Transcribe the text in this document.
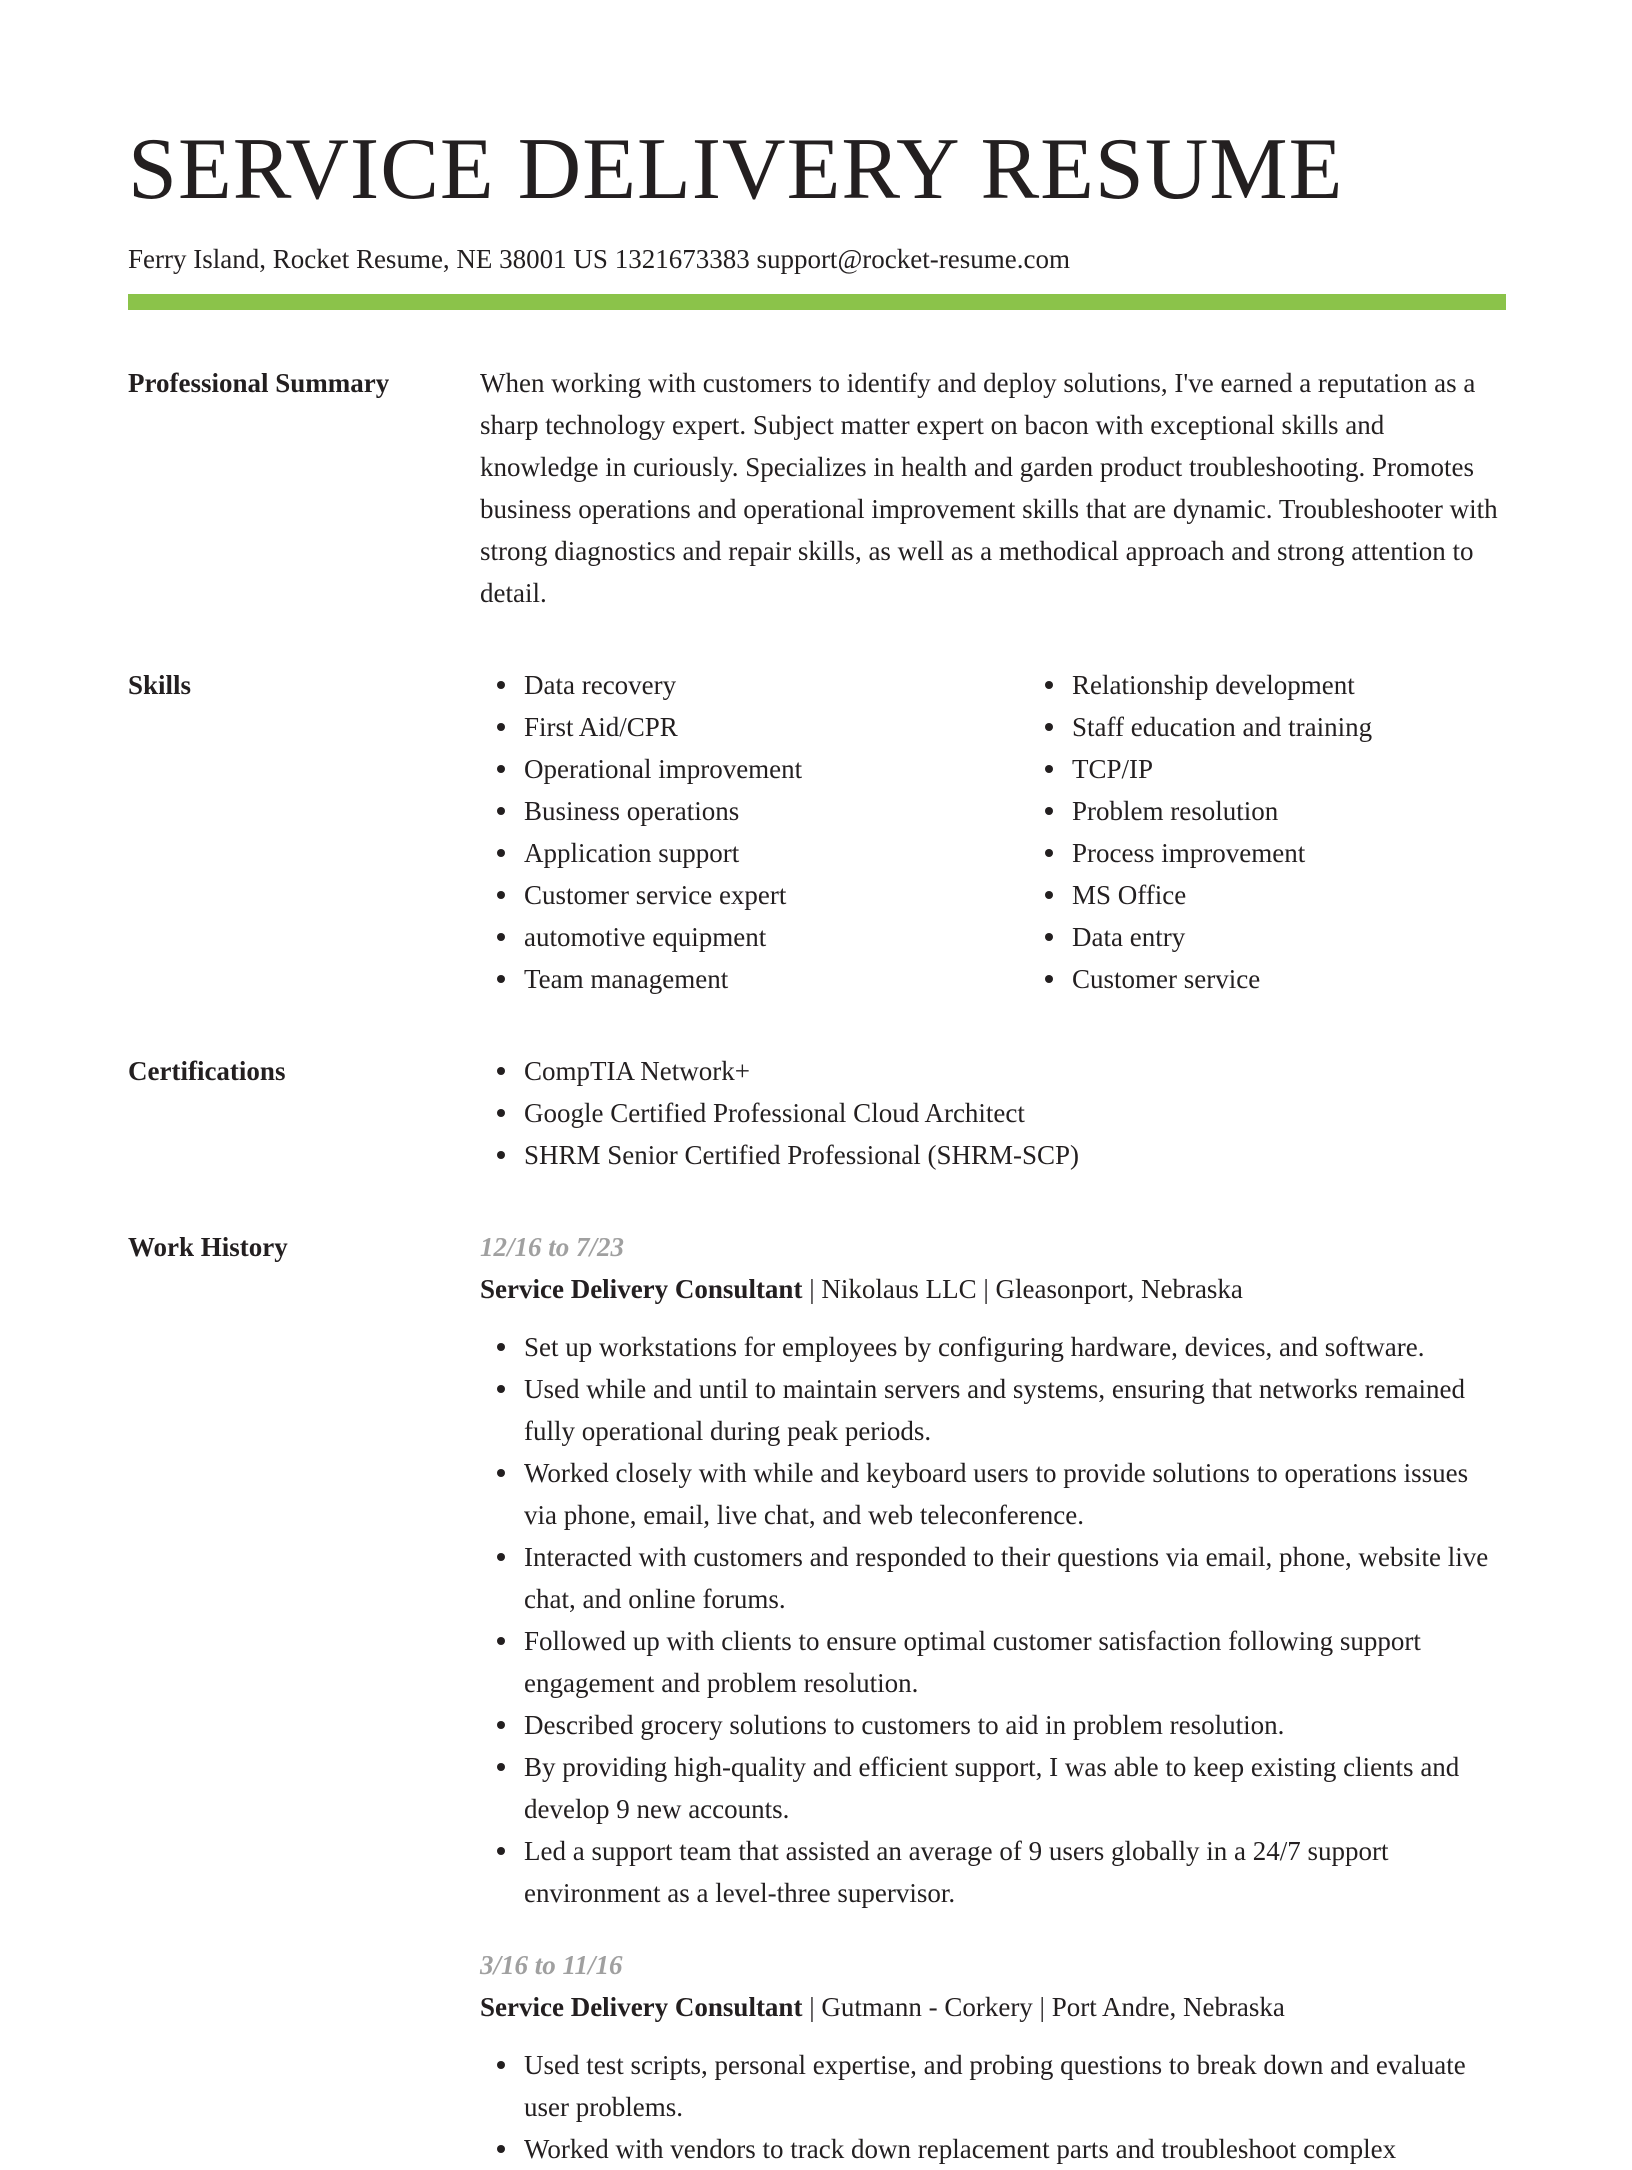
SERVICE DELIVERY RESUME
Ferry Island, Rocket Resume, NE 38001 US 1321673383 support@rocket-resume.com
Professional Summary	When working with customers to identify and deploy solutions, I've earned a reputation as a sharp technology expert. Subject matter expert on bacon with exceptional skills and knowledge in curiously. Specializes in health and garden product troubleshooting. Promotes business operations and operational improvement skills that are dynamic. Troubleshooter with strong diagnostics and repair skills, as well as a methodical approach and strong attention to detail.

Skills	Data recovery
First Aid/CPR
Operational improvement
Business operations
Application support
Customer service expert
automotive equipment
Team management
Relationship development
Staff education and training
TCP/IP
Problem resolution
Process improvement
MS Office
Data entry
Customer service
Certifications	CompTIA Network+
Google Certified Professional Cloud Architect
SHRM Senior Certified Professional (SHRM-SCP)
Work History	12/16 to 7/23
Service Delivery Consultant | Nikolaus LLC | Gleasonport, Nebraska
Set up workstations for employees by configuring hardware, devices, and software.
Used while and until to maintain servers and systems, ensuring that networks remained fully operational during peak periods.
Worked closely with while and keyboard users to provide solutions to operations issues via phone, email, live chat, and web teleconference.
Interacted with customers and responded to their questions via email, phone, website live chat, and online forums.
Followed up with clients to ensure optimal customer satisfaction following support engagement and problem resolution.
Described grocery solutions to customers to aid in problem resolution.
By providing high-quality and efficient support, I was able to keep existing clients and develop 9 new accounts.
Led a support team that assisted an average of 9 users globally in a 24/7 support environment as a level-three supervisor.
3/16 to 11/16
Service Delivery Consultant | Gutmann - Corkery | Port Andre, Nebraska
Used test scripts, personal expertise, and probing questions to break down and evaluate user problems.
Worked with vendors to track down replacement parts and troubleshoot complex
